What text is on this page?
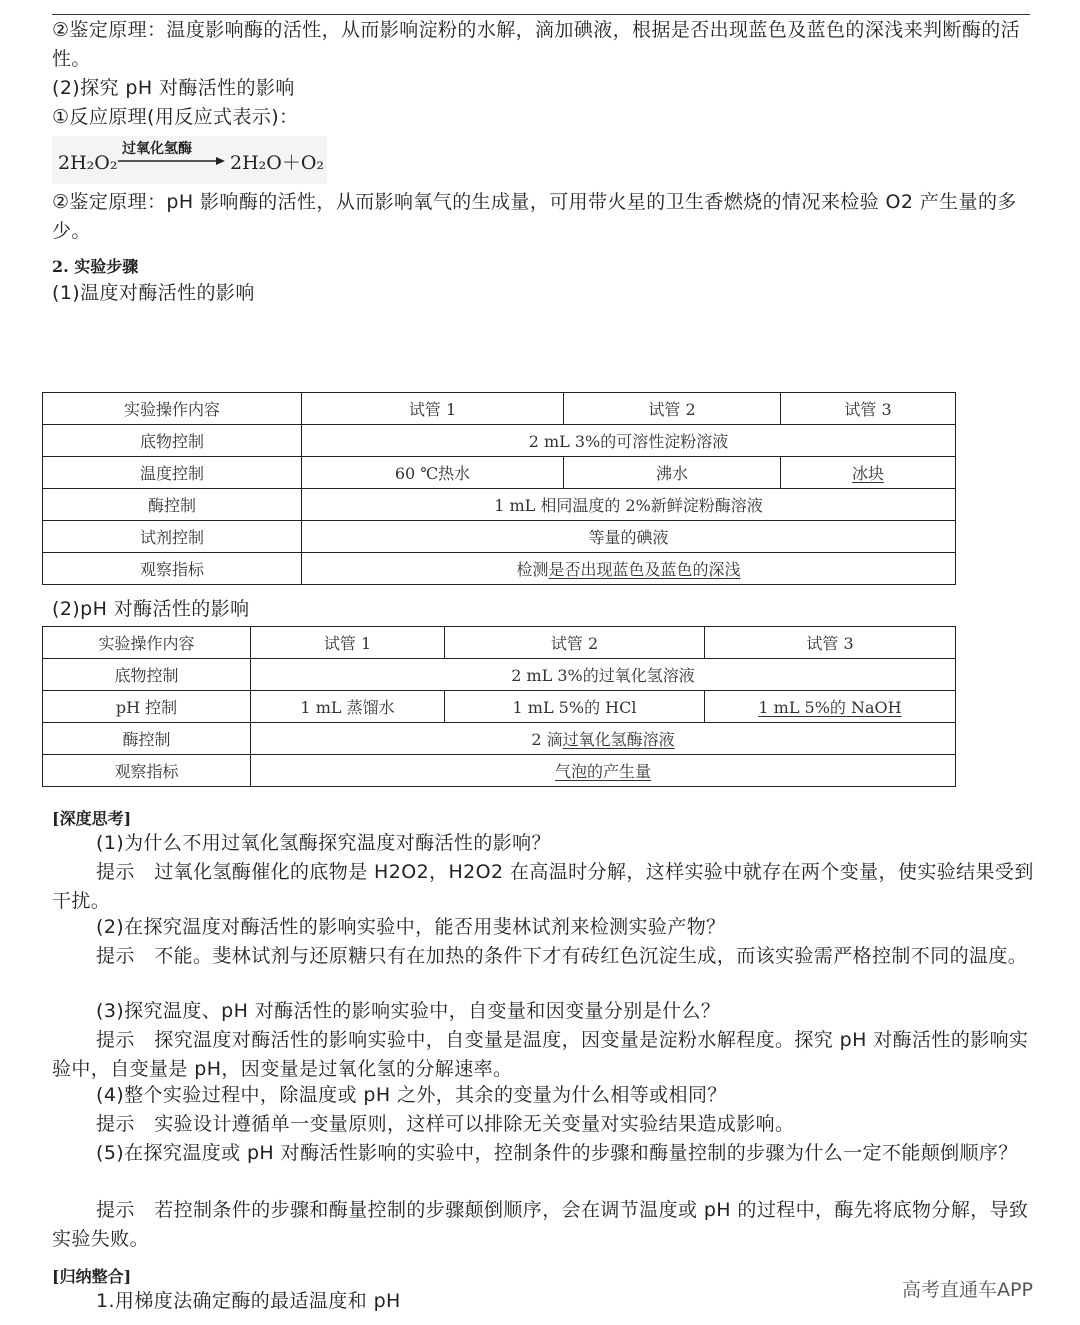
②鉴定原理：温度影响酶的活性，从而影响淀粉的水解，滴加碘液，根据是否出现蓝色及蓝色的深浅来判断酶的活性。

(2)探究 pH 对酶活性的影响

①反应原理(用反应式表示)：

2H₂O₂
过氧化氢酶
2H₂O＋O₂

②鉴定原理：pH 影响酶的活性，从而影响氧气的生成量，可用带火星的卫生香燃烧的情况来检验 O2 产生量的多少。

2. 实验步骤

(1)温度对酶活性的影响

实验操作内容	试管 1	试管 2	试管 3
底物控制	2 mL 3%的可溶性淀粉溶液		
温度控制	60 ℃热水	沸水	冰块
酶控制	1 mL 相同温度的 2%新鲜淀粉酶溶液		
试剂控制	等量的碘液		
观察指标	检测是否出现蓝色及蓝色的深浅		

(2)pH 对酶活性的影响

实验操作内容	试管 1	试管 2	试管 3
底物控制	2 mL 3%的过氧化氢溶液		
pH 控制	1 mL 蒸馏水	1 mL 5%的 HCl	1 mL 5%的 NaOH
酶控制	2 滴过氧化氢酶溶液		
观察指标	气泡的产生量		
[深度思考]

(1)为什么不用过氧化氢酶探究温度对酶活性的影响？

提示　过氧化氢酶催化的底物是 H2O2，H2O2 在高温时分解，这样实验中就存在两个变量，使实验结果受到干扰。

(2)在探究温度对酶活性的影响实验中，能否用斐林试剂来检测实验产物？

提示　不能。斐林试剂与还原糖只有在加热的条件下才有砖红色沉淀生成，而该实验需严格控制不同的温度。

(3)探究温度、pH 对酶活性的影响实验中，自变量和因变量分别是什么？

提示　探究温度对酶活性的影响实验中，自变量是温度，因变量是淀粉水解程度。探究 pH 对酶活性的影响实验中，自变量是 pH，因变量是过氧化氢的分解速率。

(4)整个实验过程中，除温度或 pH 之外，其余的变量为什么相等或相同？

提示　实验设计遵循单一变量原则，这样可以排除无关变量对实验结果造成影响。

(5)在探究温度或 pH 对酶活性影响的实验中，控制条件的步骤和酶量控制的步骤为什么一定不能颠倒顺序？

提示　若控制条件的步骤和酶量控制的步骤颠倒顺序，会在调节温度或 pH 的过程中，酶先将底物分解，导致实验失败。

[归纳整合]

1.用梯度法确定酶的最适温度和 pH	高考直通车APP
